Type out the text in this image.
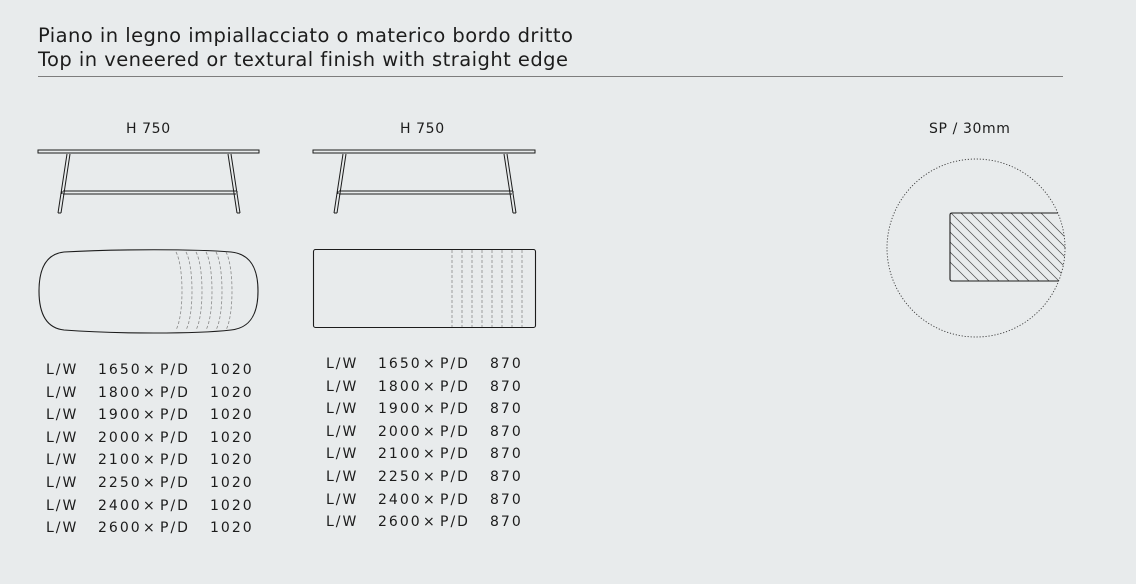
Piano in legno impiallacciato o materico bordo dritto
Top in veneered or textural finish with straight edge
H 750
L/W 1650× P/D 1020
L/W 1800× P/D 1020
L/W 1900× P/D 1020
L/W 2000× P/D 1020
L/W 2100× P/D 1020
L/W 2250× P/D 1020
L/W 2400× P/D 1020
L/W 2600× P/D 1020
H 750
L/W 1650× P/D 870
L/W 1800× P/D 870
L/W 1900× P/D 870
L/W 2000× P/D 870
L/W 2100× P/D 870
L/W 2250× P/D 870
L/W 2400× P/D 870
L/W 2600× P/D 870
SP / 30mm
